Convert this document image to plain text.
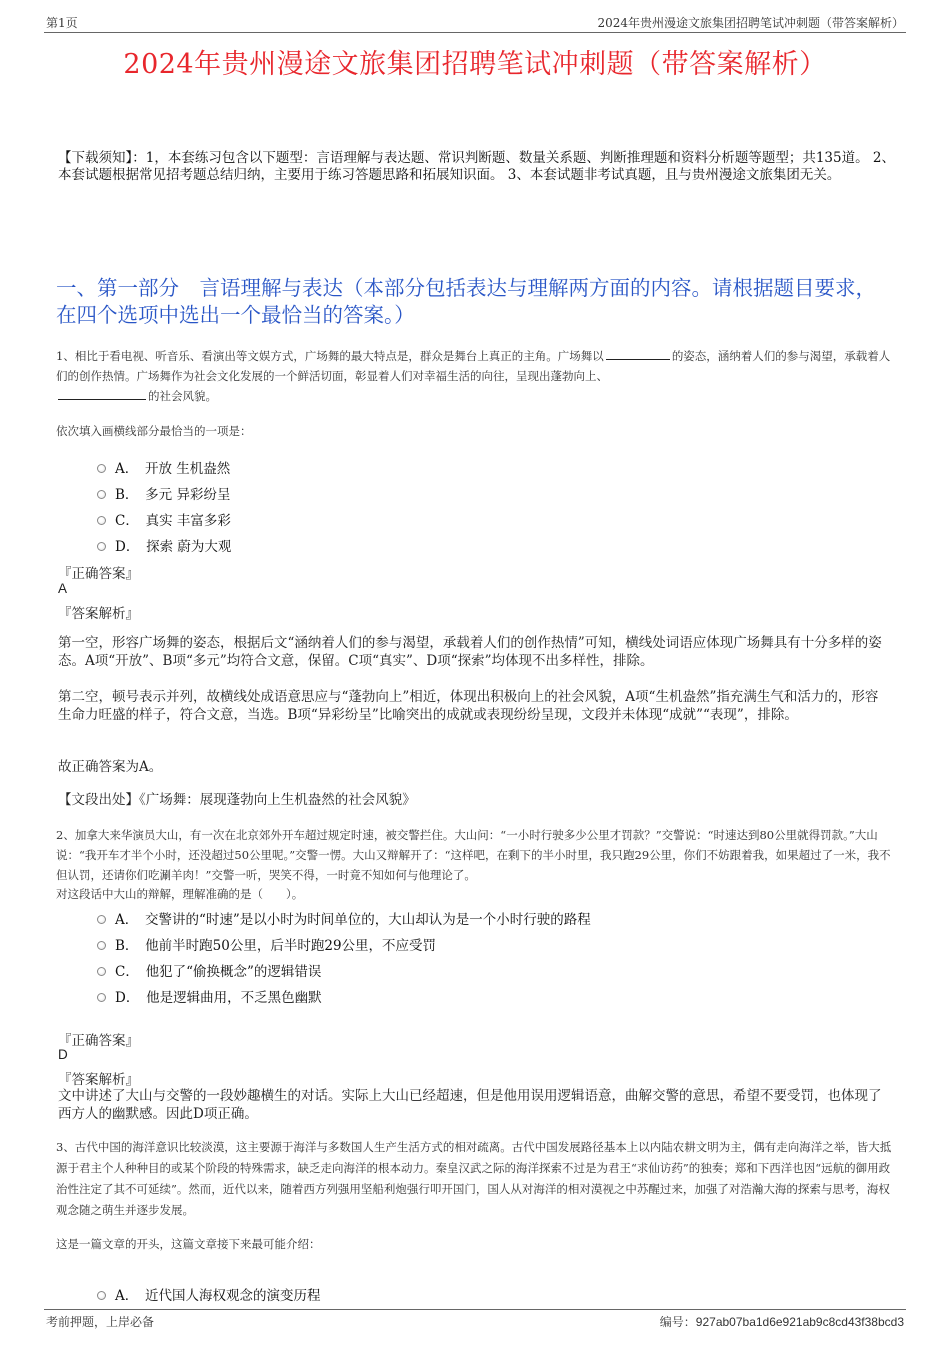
第1页	2024年贵州漫途文旅集团招聘笔试冲刺题（带答案解析）
2024年贵州漫途文旅集团招聘笔试冲刺题（带答案解析）
【下载须知】：1，本套练习包含以下题型：言语理解与表达题、常识判断题、数量关系题、判断推理题和资料分析题等题型；共135道。 2、本套试题根据常见招考题总结归纳，主要用于练习答题思路和拓展知识面。 3、本套试题非考试真题，且与贵州漫途文旅集团无关。
一、第一部分　言语理解与表达（本部分包括表达与理解两方面的内容。请根据题目要求，在四个选项中选出一个最恰当的答案。）
1、相比于看电视、听音乐、看演出等文娱方式，广场舞的最大特点是，群众是舞台上真正的主角。广场舞以	的姿态，涵纳着人们的参与渴望，承载着人们的创作热情。广场舞作为社会文化发展的一个鲜活切面，彰显着人们对幸福生活的向往，呈现出蓬勃向上、
的社会风貌。
依次填入画横线部分最恰当的一项是：
A．　开放 生机盎然
B．　多元 异彩纷呈
C．　真实 丰富多彩
D．　探索 蔚为大观
『正确答案』
A
『答案解析』
第一空，形容广场舞的姿态，根据后文“涵纳着人们的参与渴望，承载着人们的创作热情”可知，横线处词语应体现广场舞具有十分多样的姿态。A项“开放”、B项“多元”均符合文意，保留。C项“真实”、D项“探索”均体现不出多样性，排除。
第二空，顿号表示并列，故横线处成语意思应与“蓬勃向上”相近，体现出积极向上的社会风貌，A项“生机盎然”指充满生气和活力的，形容生命力旺盛的样子，符合文意，当选。B项“异彩纷呈”比喻突出的成就或表现纷纷呈现，文段并未体现“成就”“表现”，排除。
故正确答案为A。
【文段出处】《广场舞：展现蓬勃向上生机盎然的社会风貌》
2、加拿大来华演员大山，有一次在北京郊外开车超过规定时速，被交警拦住。大山问：“一小时行驶多少公里才罚款？”交警说：“时速达到80公里就得罚款。”大山说：“我开车才半个小时，还没超过50公里呢。”交警一愣。大山又辩解开了：“这样吧，在剩下的半小时里，我只跑29公里，你们不妨跟着我，如果超过了一米，我不但认罚，还请你们吃涮羊肉！”交警一听，哭笑不得，一时竟不知如何与他理论了。
对这段话中大山的辩解，理解准确的是（　　）。
A．　交警讲的“时速”是以小时为时间单位的，大山却认为是一个小时行驶的路程
B．　他前半时跑50公里，后半时跑29公里，不应受罚
C．　他犯了“偷换概念”的逻辑错误
D．　他是逻辑曲用，不乏黑色幽默
『正确答案』
D
『答案解析』
文中讲述了大山与交警的一段妙趣横生的对话。实际上大山已经超速，但是他用误用逻辑语意，曲解交警的意思，希望不要受罚，也体现了西方人的幽默感。因此D项正确。
3、古代中国的海洋意识比较淡漠，这主要源于海洋与多数国人生产生活方式的相对疏离。古代中国发展路径基本上以内陆农耕文明为主，偶有走向海洋之举，皆大抵源于君主个人种种目的或某个阶段的特殊需求，缺乏走向海洋的根本动力。秦皇汉武之际的海洋探索不过是为君王“求仙访药”的独奏；郑和下西洋也因“远航的御用政治性注定了其不可延续”。然而，近代以来，随着西方列强用坚船利炮强行叩开国门，国人从对海洋的相对漠视之中苏醒过来，加强了对浩瀚大海的探索与思考，海权观念随之萌生并逐步发展。
这是一篇文章的开头，这篇文章接下来最可能介绍：
A．　近代国人海权观念的演变历程
考前押题，上岸必备	编号：927ab07ba1d6e921ab9c8cd43f38bcd3
